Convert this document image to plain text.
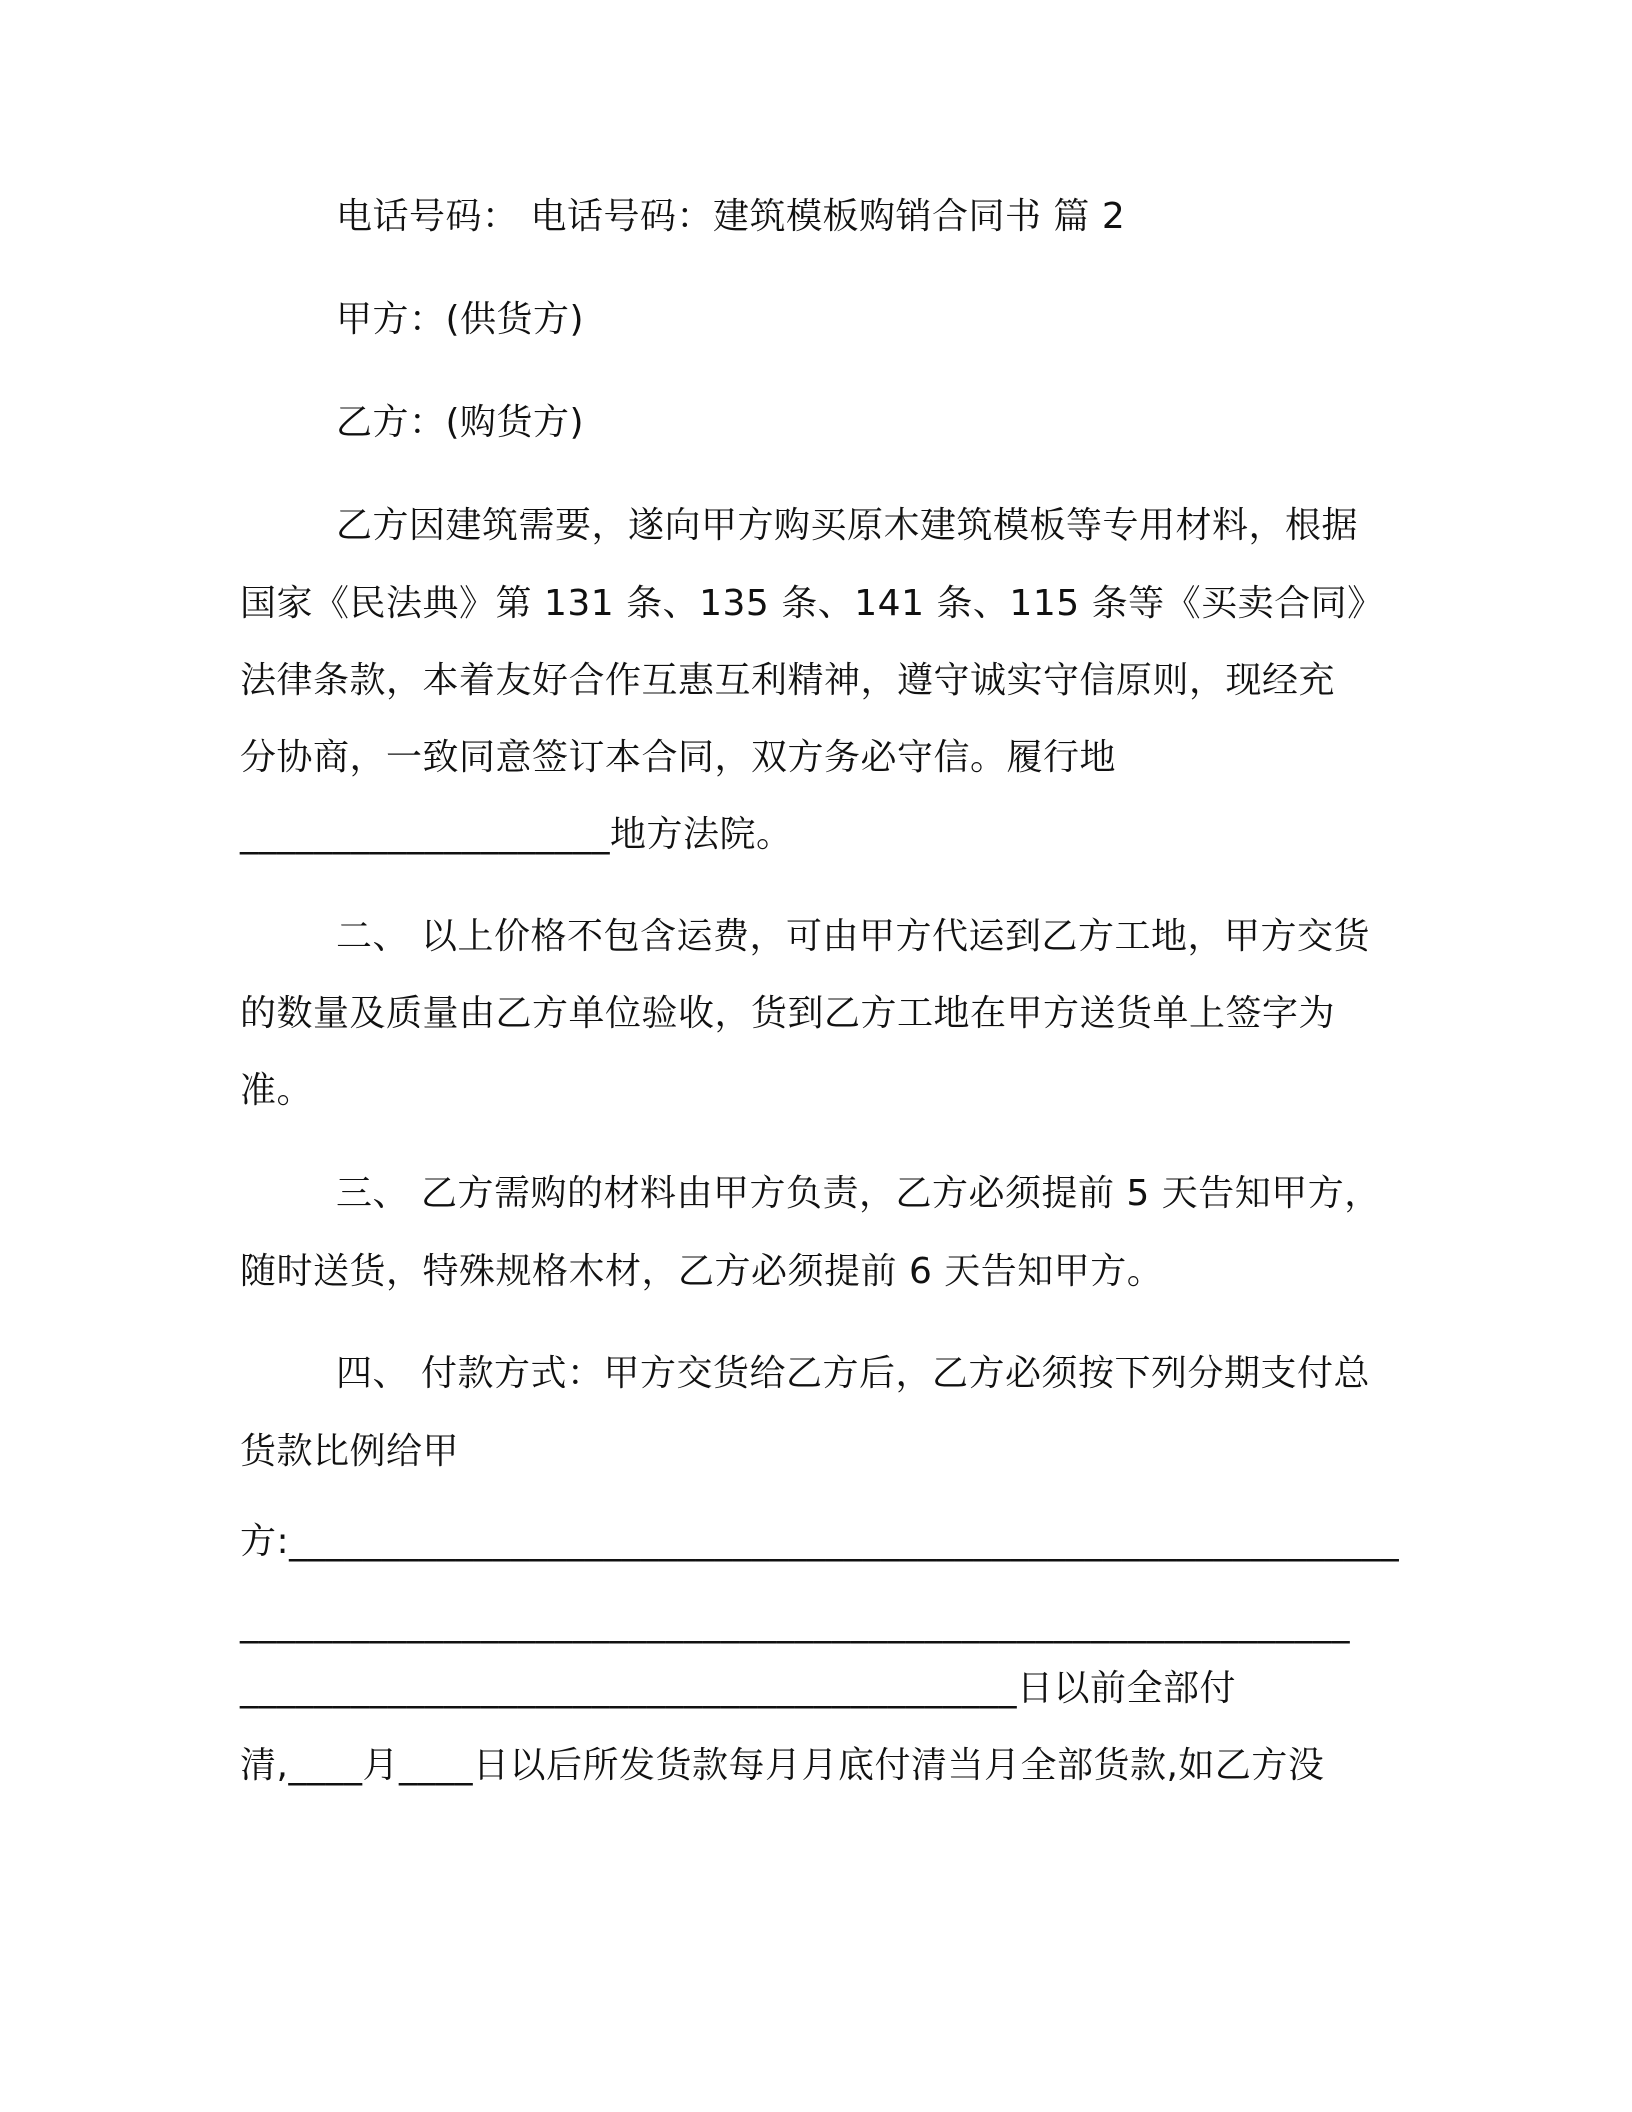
电话号码： 电话号码：建筑模板购销合同书 篇 2
甲方：(供货方)
乙方：(购货方)
乙方因建筑需要，遂向甲方购买原木建筑模板等专用材料，根据
国家《民法典》第 131 条、135 条、141 条、115 条等《买卖合同》
法律条款，本着友好合作互惠互利精神，遵守诚实守信原则，现经充
分协商，一致同意签订本合同，双方务必守信。履行地
____________________地方法院。
二、 以上价格不包含运费，可由甲方代运到乙方工地，甲方交货
的数量及质量由乙方单位验收，货到乙方工地在甲方送货单上签字为
准。
三、 乙方需购的材料由甲方负责，乙方必须提前 5 天告知甲方，
随时送货，特殊规格木材，乙方必须提前 6 天告知甲方。
四、 付款方式：甲方交货给乙方后，乙方必须按下列分期支付总
货款比例给甲
方:____________________________________________________________
____________________________________________________________
__________________________________________日以前全部付
清,____月____日以后所发货款每月月底付清当月全部货款,如乙方没
